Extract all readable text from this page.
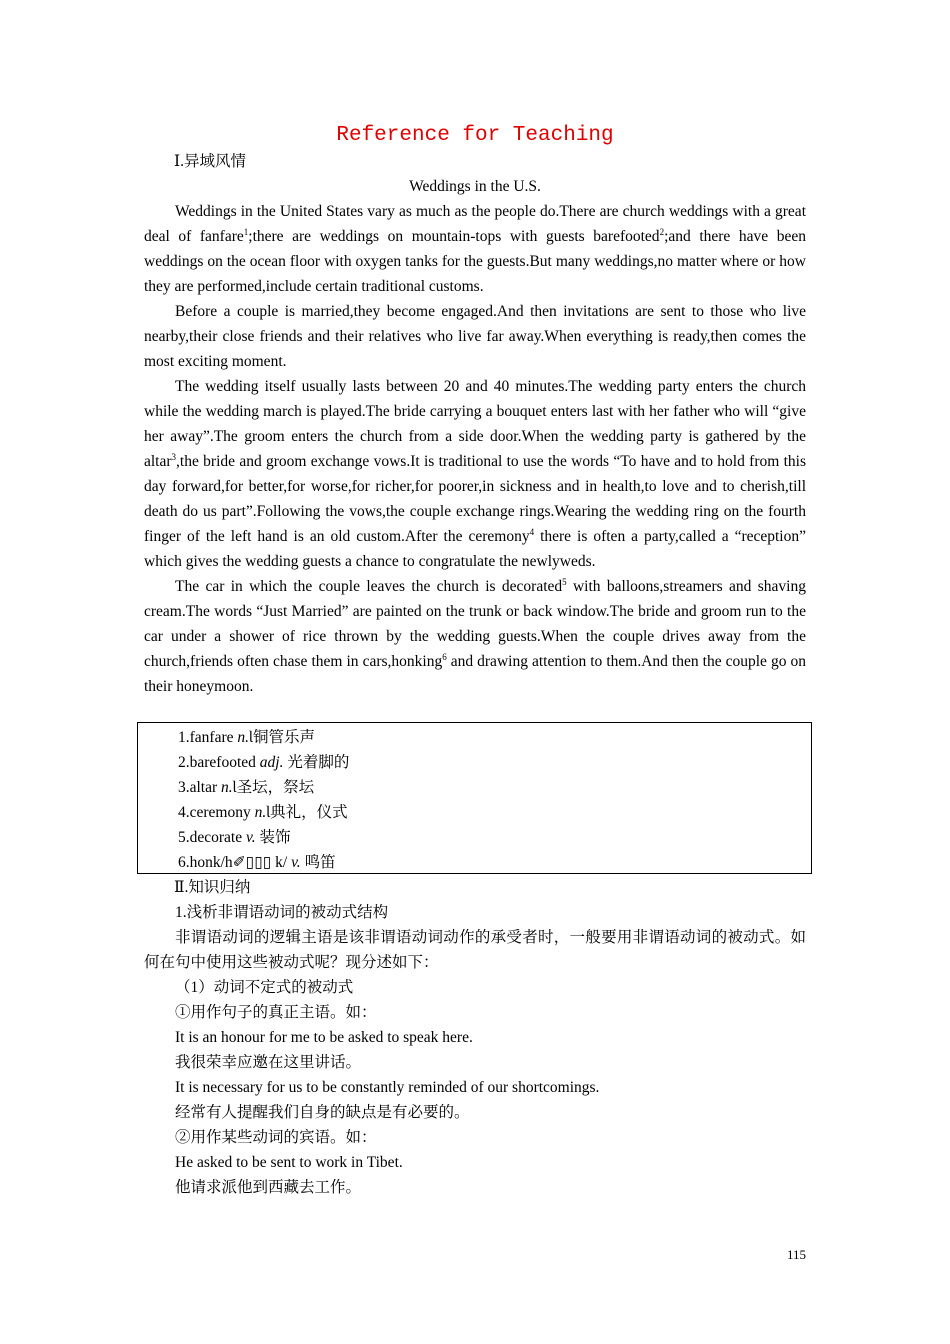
Reference for Teaching

Ⅰ.异域风情

Weddings in the U.S.

Weddings in the United States vary as much as the people do.There are church weddings with a great deal of fanfare$^1$;there are weddings on mountain-tops with guests barefooted$^2$;and there have been weddings on the ocean floor with oxygen tanks for the guests.But many weddings,no matter where or how they are performed,include certain traditional customs.

Before a couple is married,they become engaged.And then invitations are sent to those who live nearby,their close friends and their relatives who live far away.When everything is ready,then comes the most exciting moment.

The wedding itself usually lasts between 20 and 40 minutes.The wedding party enters the church while the wedding march is played.The bride carrying a bouquet enters last with her father who will “give her away”.The groom enters the church from a side door.When the wedding party is gathered by the altar$^3$,the bride and groom exchange vows.It is traditional to use the words “To have and to hold from this day forward,for better,for worse,for richer,for poorer,in sickness and in health,to love and to cherish,till death do us part”.Following the vows,the couple exchange rings.Wearing the wedding ring on the fourth finger of the left hand is an old custom.After the ceremony$^4$ there is often a party,called a “reception” which gives the wedding guests a chance to congratulate the newlyweds.

The car in which the couple leaves the church is decorated$^5$ with balloons,streamers and shaving cream.The words “Just Married” are painted on the trunk or back window.The bride and groom run to the car under a shower of rice thrown by the wedding guests.When the couple drives away from the church,friends often chase them in cars,honking$^6$ and drawing attention to them.And then the couple go on their honeymoon.

1.fanfare n.Ɩ铜管乐声

2.barefooted adj. 光着脚的

3.altar n.Ɩ圣坛，祭坛

4.ceremony n.Ɩ典礼，仪式

5.decorate v. 装饰

6.honk/h✐▯▯▯ k/ v. 鸣笛

Ⅱ.知识归纳

1.浅析非谓语动词的被动式结构

非谓语动词的逻辑主语是该非谓语动词动作的承受者时，一般要用非谓语动词的被动式。如何在句中使用这些被动式呢？现分述如下：

（1）动词不定式的被动式

①用作句子的真正主语。如：

It is an honour for me to be asked to speak here.

我很荣幸应邀在这里讲话。

It is necessary for us to be constantly reminded of our shortcomings.

经常有人提醒我们自身的缺点是有必要的。

②用作某些动词的宾语。如：

He asked to be sent to work in Tibet.

他请求派他到西藏去工作。

115
